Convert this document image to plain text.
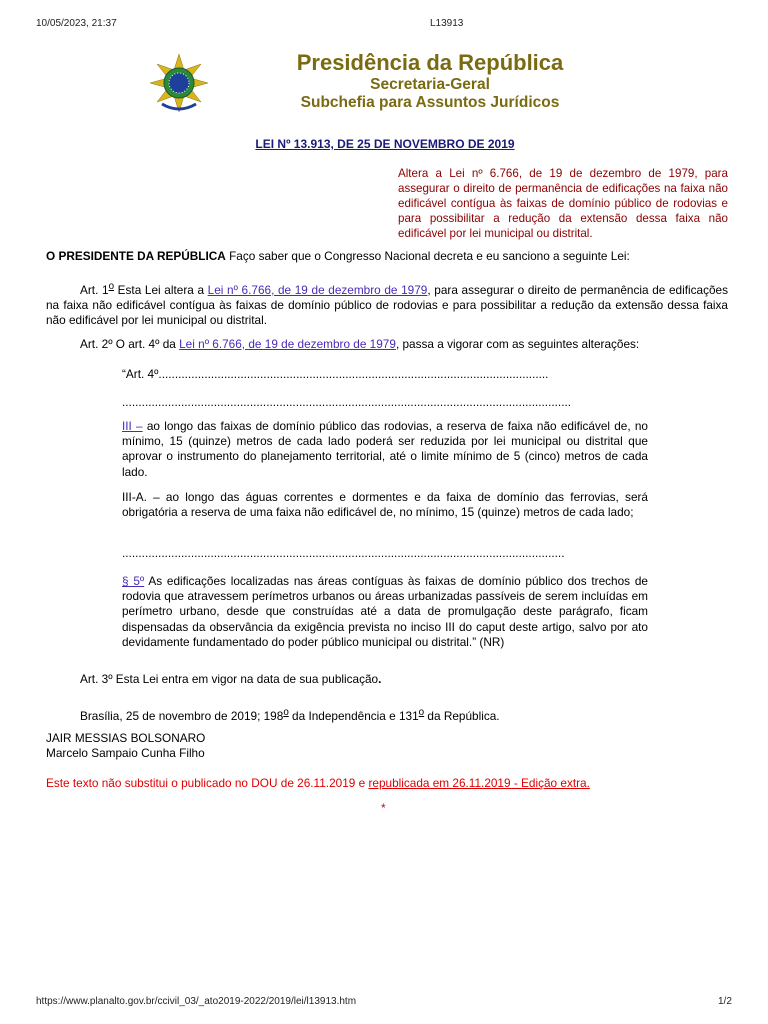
10/05/2023, 21:37	L13913
Presidência da República
Secretaria-Geral
Subchefia para Assuntos Jurídicos
LEI Nº 13.913, DE 25 DE NOVEMBRO DE 2019
Altera a Lei nº 6.766, de 19 de dezembro de 1979, para assegurar o direito de permanência de edificações na faixa não edificável contígua às faixas de domínio público de rodovias e para possibilitar a redução da extensão dessa faixa não edificável por lei municipal ou distrital.
O PRESIDENTE DA REPÚBLICA Faço saber que o Congresso Nacional decreta e eu sanciono a seguinte Lei:
Art. 1$^o$ Esta Lei altera a Lei nº 6.766, de 19 de dezembro de 1979, para assegurar o direito de permanência de edificações na faixa não edificável contígua às faixas de domínio público de rodovias e para possibilitar a redução da extensão dessa faixa não edificável por lei municipal ou distrital.
Art. 2º O art. 4º da Lei nº 6.766, de 19 de dezembro de 1979, passa a vigorar com as seguintes alterações:
“Art. 4º.......................................................................................................................
.........................................................................................................................................
III – ao longo das faixas de domínio público das rodovias, a reserva de faixa não edificável de, no mínimo, 15 (quinze) metros de cada lado poderá ser reduzida por lei municipal ou distrital que aprovar o instrumento do planejamento territorial, até o limite mínimo de 5 (cinco) metros de cada lado.
III-A. – ao longo das águas correntes e dormentes e da faixa de domínio das ferrovias, será obrigatória a reserva de uma faixa não edificável de, no mínimo, 15 (quinze) metros de cada lado;
.......................................................................................................................................
§ 5º As edificações localizadas nas áreas contíguas às faixas de domínio público dos trechos de rodovia que atravessem perímetros urbanos ou áreas urbanizadas passíveis de serem incluídas em perímetro urbano, desde que construídas até a data de promulgação deste parágrafo, ficam dispensadas da observância da exigência prevista no inciso III do caput deste artigo, salvo por ato devidamente fundamentado do poder público municipal ou distrital.” (NR)
Art. 3º Esta Lei entra em vigor na data de sua publicação.
Brasília, 25 de novembro de 2019; 198$^o$ da Independência e 131$^o$ da República.
JAIR MESSIAS BOLSONARO
Marcelo Sampaio Cunha Filho
Este texto não substitui o publicado no DOU de 26.11.2019 e republicada em 26.11.2019 - Edição extra.
*
https://www.planalto.gov.br/ccivil_03/_ato2019-2022/2019/lei/l13913.htm	1/2
